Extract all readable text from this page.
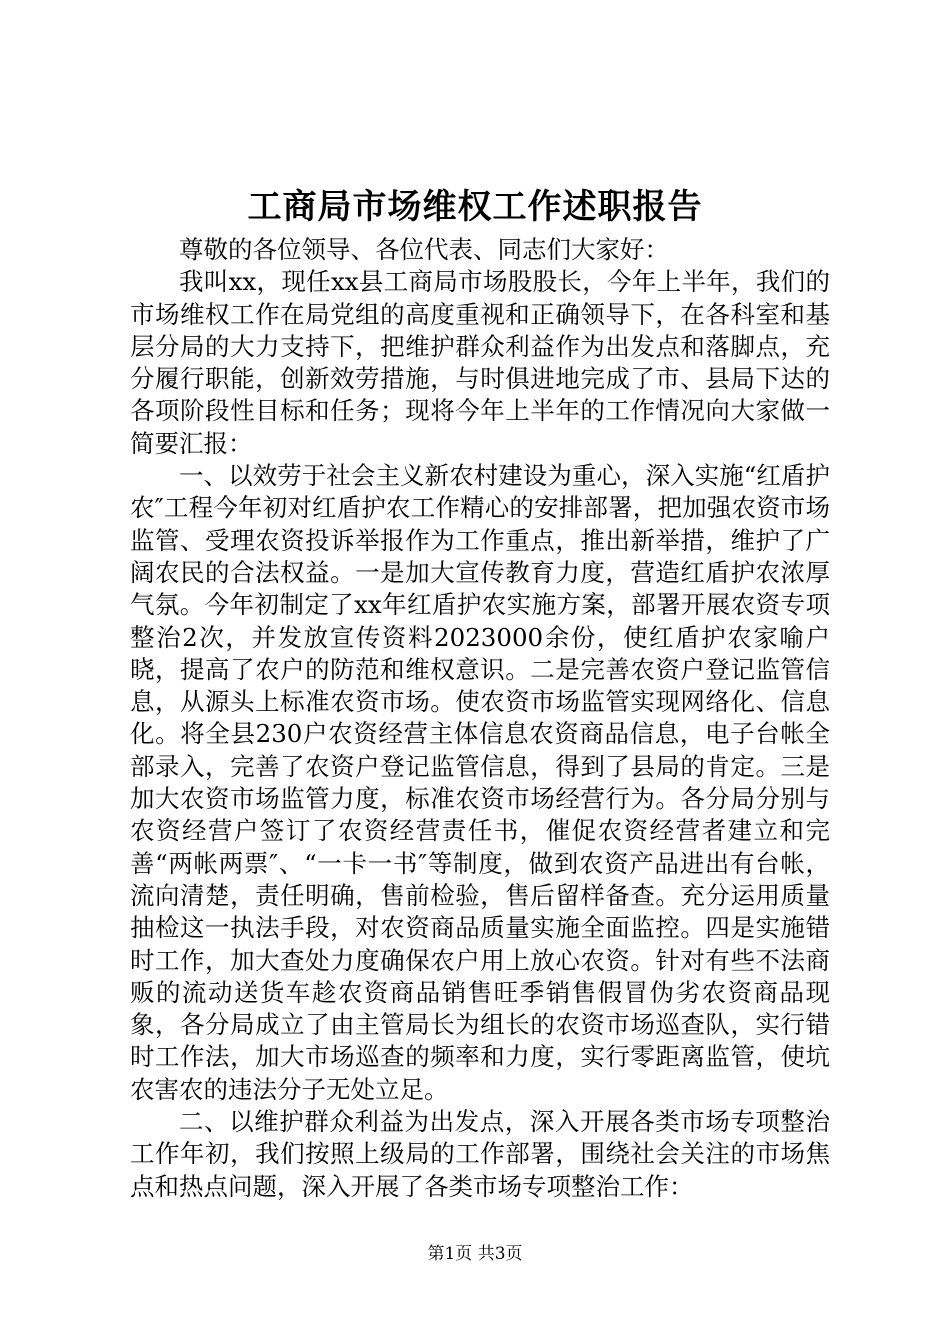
工商局市场维权工作述职报告

尊敬的各位领导、各位代表、同志们大家好：

我叫xx，现任xx县工商局市场股股长，今年上半年，我们的市场维权工作在局党组的高度重视和正确领导下，在各科室和基层分局的大力支持下，把维护群众利益作为出发点和落脚点，充分履行职能，创新效劳措施，与时俱进地完成了市、县局下达的各项阶段性目标和任务；现将今年上半年的工作情况向大家做一简要汇报：

一、以效劳于社会主义新农村建设为重心，深入实施“红盾护农″工程今年初对红盾护农工作精心的安排部署，把加强农资市场监管、受理农资投诉举报作为工作重点，推出新举措，维护了广阔农民的合法权益。一是加大宣传教育力度，营造红盾护农浓厚气氛。今年初制定了xx年红盾护农实施方案，部署开展农资专项整治2次，并发放宣传资料2023000余份，使红盾护农家喻户晓，提高了农户的防范和维权意识。二是完善农资户登记监管信息，从源头上标准农资市场。使农资市场监管实现网络化、信息化。将全县230户农资经营主体信息农资商品信息，电子台帐全部录入，完善了农资户登记监管信息，得到了县局的肯定。三是加大农资市场监管力度，标准农资市场经营行为。各分局分别与农资经营户签订了农资经营责任书，催促农资经营者建立和完善“两帐两票″、“一卡一书″等制度，做到农资产品进出有台帐，流向清楚，责任明确，售前检验，售后留样备查。充分运用质量抽检这一执法手段，对农资商品质量实施全面监控。四是实施错时工作，加大查处力度确保农户用上放心农资。针对有些不法商贩的流动送货车趁农资商品销售旺季销售假冒伪劣农资商品现象，各分局成立了由主管局长为组长的农资市场巡查队，实行错时工作法，加大市场巡查的频率和力度，实行零距离监管，使坑农害农的违法分子无处立足。

二、以维护群众利益为出发点，深入开展各类市场专项整治工作年初，我们按照上级局的工作部署，围绕社会关注的市场焦点和热点问题，深入开展了各类市场专项整治工作：

第1页 共3页
